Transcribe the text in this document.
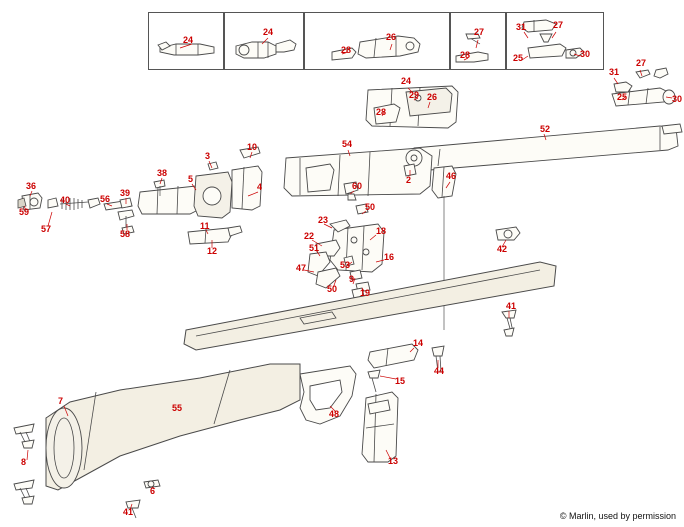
24
24
28
26	27
28
31	27
30
25
31
27
25	30
24
29 26
28
52
54
10
3
38
5
4
2	46
60
36
40	56
39
57
59
58
11
12
23
50
18
22
51
16
53
47
9
50	19
42
41
14
44
15
7
55
48
13
8
6
41	© Marlin, used by permission
